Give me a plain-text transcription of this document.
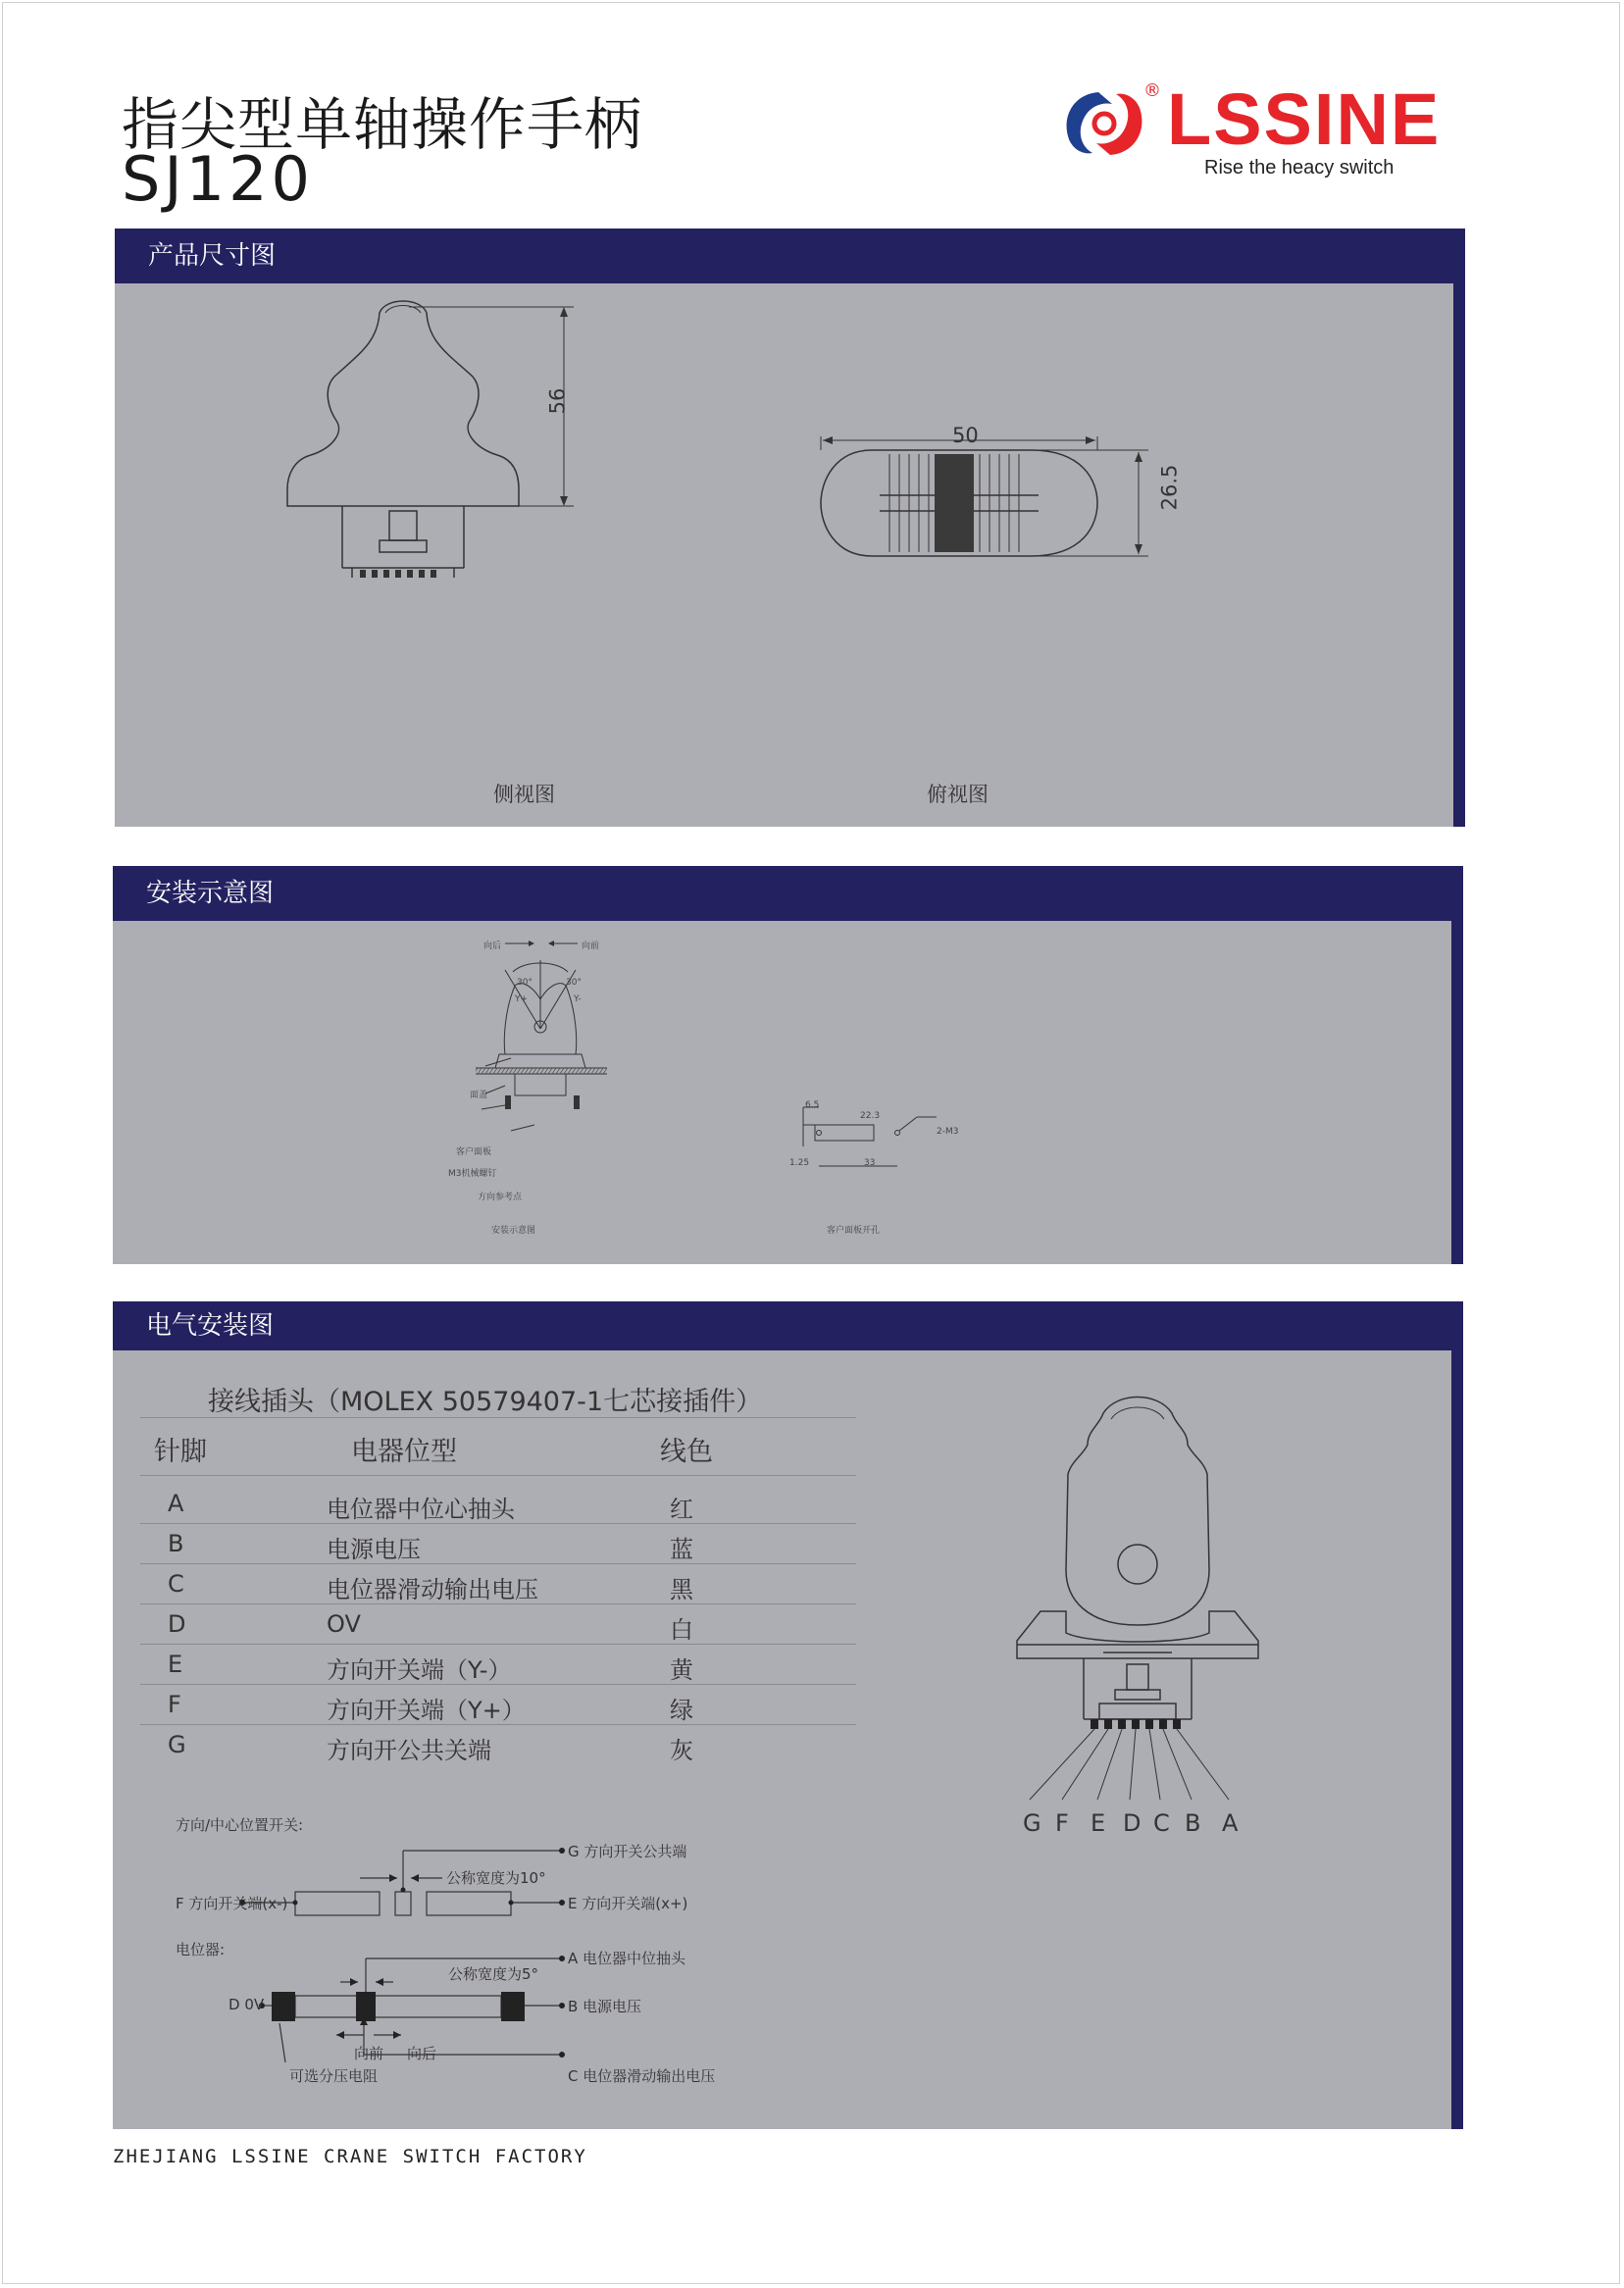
指尖型单轴操作手柄
SJ120
® LSSINE
Rise the heacy switch
产品尺寸图
56
50
26.5
侧视图	俯视图
安装示意图
向后	向前
30°	30°
Y+	Y-
面盖
客户面板
M3机械螺钉
方向参考点
安装示意图
6.5
22.3
1.25	33
2-M3
客户面板开孔
电气安装图
接线插头（MOLEX 50579407-1七芯接插件）
针脚	电器位型	线色
A	电位器中位心抽头	红
B	电源电压	蓝
C	电位器滑动输出电压	黑
D	OV	白
E	方向开关端（Y-）	黄
F	方向开关端（Y+）	绿
G	方向开公共关端	灰
方向/中心位置开关:
G 方向开关公共端
公称宽度为10°
F 方向开关端(x-)	E 方向开关端(x+)
电位器:	A 电位器中位抽头
公称宽度为5°
D 0V	B 电源电压
向前 向后
可选分压电阻	C 电位器滑动输出电压
G F E D C B A
ZHEJIANG LSSINE CRANE SWITCH FACTORY
